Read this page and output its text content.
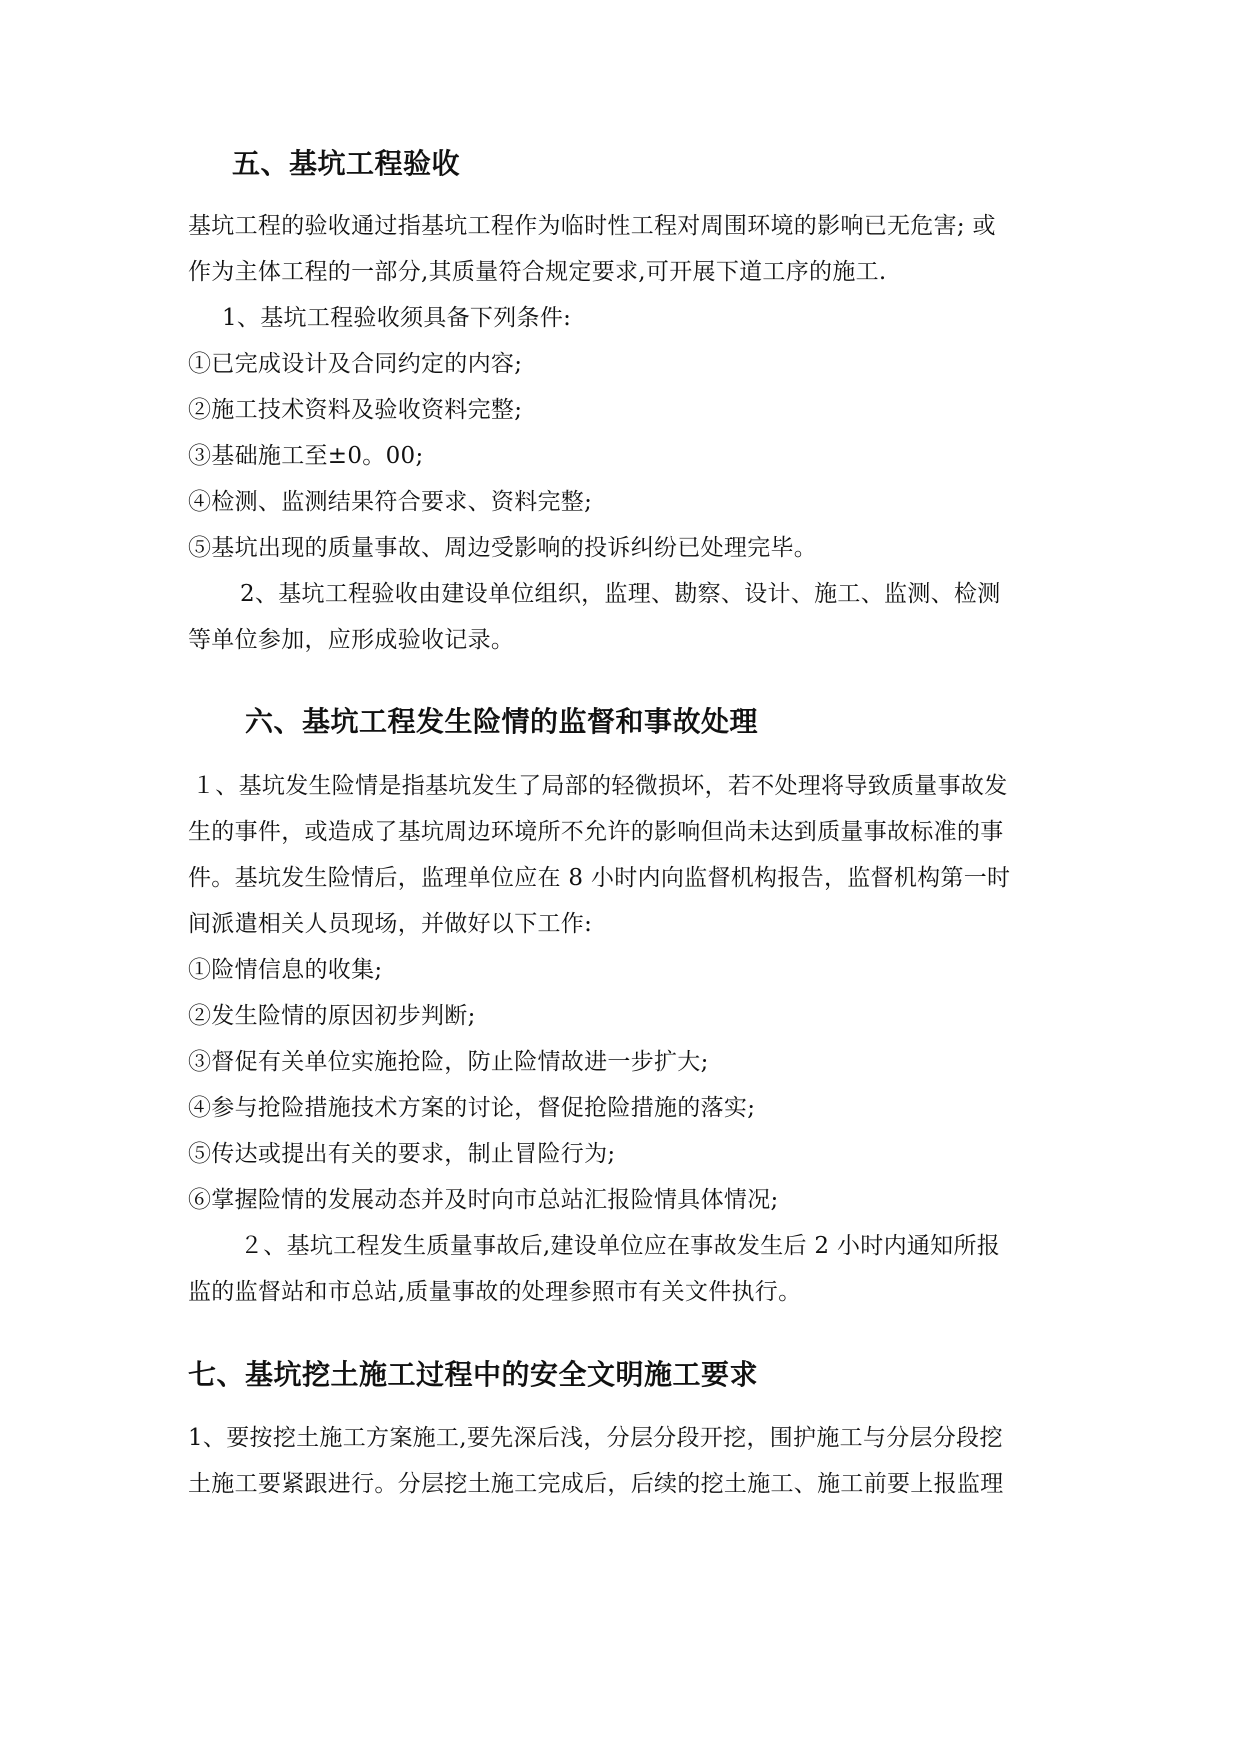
五、基坑工程验收
基坑工程的验收通过指基坑工程作为临时性工程对周围环境的影响已无危害; 或
作为主体工程的一部分,其质量符合规定要求,可开展下道工序的施工.
1、基坑工程验收须具备下列条件:
①已完成设计及合同约定的内容;
②施工技术资料及验收资料完整;
③基础施工至±0。00;
④检测、监测结果符合要求、资料完整;
⑤基坑出现的质量事故、周边受影响的投诉纠纷已处理完毕。
2、基坑工程验收由建设单位组织，监理、勘察、设计、施工、监测、检测
等单位参加，应形成验收记录。
六、基坑工程发生险情的监督和事故处理
１、基坑发生险情是指基坑发生了局部的轻微损坏，若不处理将导致质量事故发
生的事件，或造成了基坑周边环境所不允许的影响但尚未达到质量事故标准的事
件。基坑发生险情后，监理单位应在 8 小时内向监督机构报告，监督机构第一时
间派遣相关人员现场，并做好以下工作:
①险情信息的收集;
②发生险情的原因初步判断;
③督促有关单位实施抢险，防止险情故进一步扩大;
④参与抢险措施技术方案的讨论，督促抢险措施的落实;
⑤传达或提出有关的要求，制止冒险行为;
⑥掌握险情的发展动态并及时向市总站汇报险情具体情况;
２、基坑工程发生质量事故后,建设单位应在事故发生后 2 小时内通知所报
监的监督站和市总站,质量事故的处理参照市有关文件执行。
七、基坑挖土施工过程中的安全文明施工要求
1、要按挖土施工方案施工,要先深后浅，分层分段开挖，围护施工与分层分段挖
土施工要紧跟进行。分层挖土施工完成后，后续的挖土施工、施工前要上报监理
